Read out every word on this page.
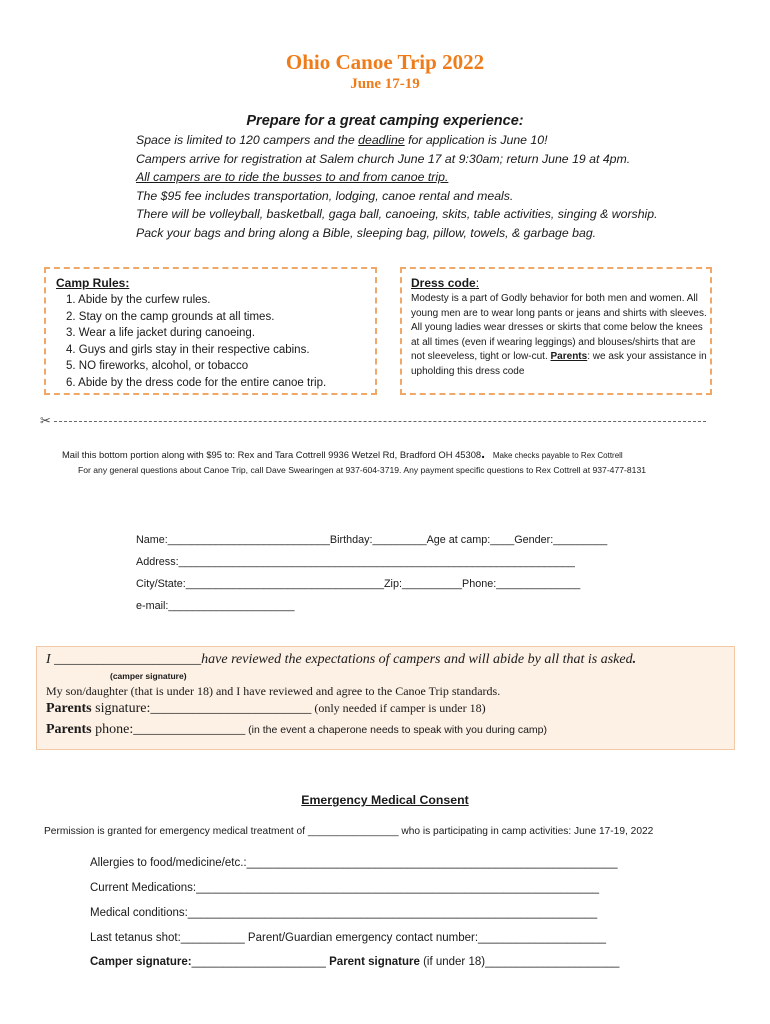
Ohio Canoe Trip 2022
June 17-19
Prepare for a great camping experience:
Space is limited to 120 campers and the deadline for application is June 10!
Campers arrive for registration at Salem church June 17 at 9:30am; return June 19 at 4pm.
All campers are to ride the busses to and from canoe trip.
The $95 fee includes transportation, lodging, canoe rental and meals.
There will be volleyball, basketball, gaga ball, canoeing, skits, table activities, singing & worship.
Pack your bags and bring along a Bible, sleeping bag, pillow, towels, & garbage bag.
Camp Rules:
1. Abide by the curfew rules.
2. Stay on the camp grounds at all times.
3. Wear a life jacket during canoeing.
4. Guys and girls stay in their respective cabins.
5. NO fireworks, alcohol, or tobacco
6. Abide by the dress code for the entire canoe trip.
Dress code:
Modesty is a part of Godly behavior for both men and women. All young men are to wear long pants or jeans and shirts with sleeves. All young ladies wear dresses or skirts that come below the knees at all times (even if wearing leggings) and blouses/shirts that are not sleeveless, tight or low-cut. Parents: we ask your assistance in upholding this dress code
✂
Mail this bottom portion along with $95 to: Rex and Tara Cottrell 9936 Wetzel Rd, Bradford OH 45308. Make checks payable to Rex Cottrell
For any general questions about Canoe Trip, call Dave Swearingen at 937-604-3719. Any payment specific questions to Rex Cottrell at 937-477-8131
Name:___________________________Birthday:_________Age at camp:____Gender:_________
Address:__________________________________________________________________
City/State:_________________________________Zip:__________Phone:______________
e-mail:_____________________
I _____________________have reviewed the expectations of campers and will abide by all that is asked.
(camper signature)
My son/daughter (that is under 18) and I have reviewed and agree to the Canoe Trip standards.
Parents signature:_______________________ (only needed if camper is under 18)
Parents phone:________________ (in the event a chaperone needs to speak with you during camp)
Emergency Medical Consent
Permission is granted for emergency medical treatment of ________________ who is participating in camp activities: June 17-19, 2022
Allergies to food/medicine/etc.:__________________________________________________________
Current Medications:_______________________________________________________________
Medical conditions:________________________________________________________________
Last tetanus shot:__________ Parent/Guardian emergency contact number:____________________
Camper signature:_____________________ Parent signature (if under 18)_____________________
